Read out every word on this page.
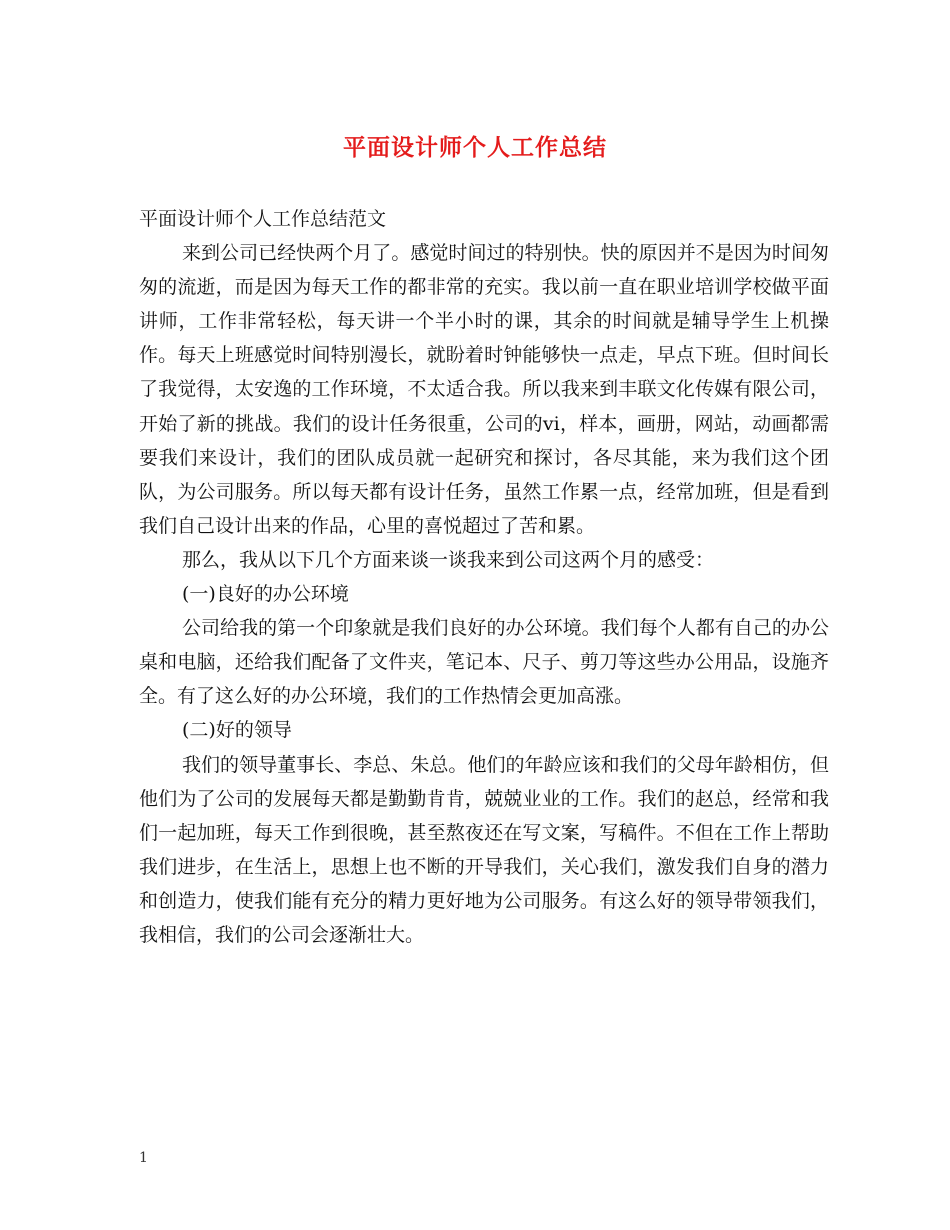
平面设计师个人工作总结

平面设计师个人工作总结范文

来到公司已经快两个月了。感觉时间过的特别快。快的原因并不是因为时间匆匆的流逝，而是因为每天工作的都非常的充实。我以前一直在职业培训学校做平面讲师，工作非常轻松，每天讲一个半小时的课，其余的时间就是辅导学生上机操作。每天上班感觉时间特别漫长，就盼着时钟能够快一点走，早点下班。但时间长了我觉得，太安逸的工作环境，不太适合我。所以我来到丰联文化传媒有限公司，开始了新的挑战。我们的设计任务很重，公司的vi，样本，画册，网站，动画都需要我们来设计，我们的团队成员就一起研究和探讨，各尽其能，来为我们这个团队，为公司服务。所以每天都有设计任务，虽然工作累一点，经常加班，但是看到我们自己设计出来的作品，心里的喜悦超过了苦和累。

那么，我从以下几个方面来谈一谈我来到公司这两个月的感受：

(一)良好的办公环境

公司给我的第一个印象就是我们良好的办公环境。我们每个人都有自己的办公桌和电脑，还给我们配备了文件夹，笔记本、尺子、剪刀等这些办公用品，设施齐全。有了这么好的办公环境，我们的工作热情会更加高涨。

(二)好的领导

我们的领导董事长、李总、朱总。他们的年龄应该和我们的父母年龄相仿，但他们为了公司的发展每天都是勤勤肯肯，兢兢业业的工作。我们的赵总，经常和我们一起加班，每天工作到很晚，甚至熬夜还在写文案，写稿件。不但在工作上帮助我们进步，在生活上，思想上也不断的开导我们，关心我们，激发我们自身的潜力和创造力，使我们能有充分的精力更好地为公司服务。有这么好的领导带领我们，我相信，我们的公司会逐渐壮大。

1
